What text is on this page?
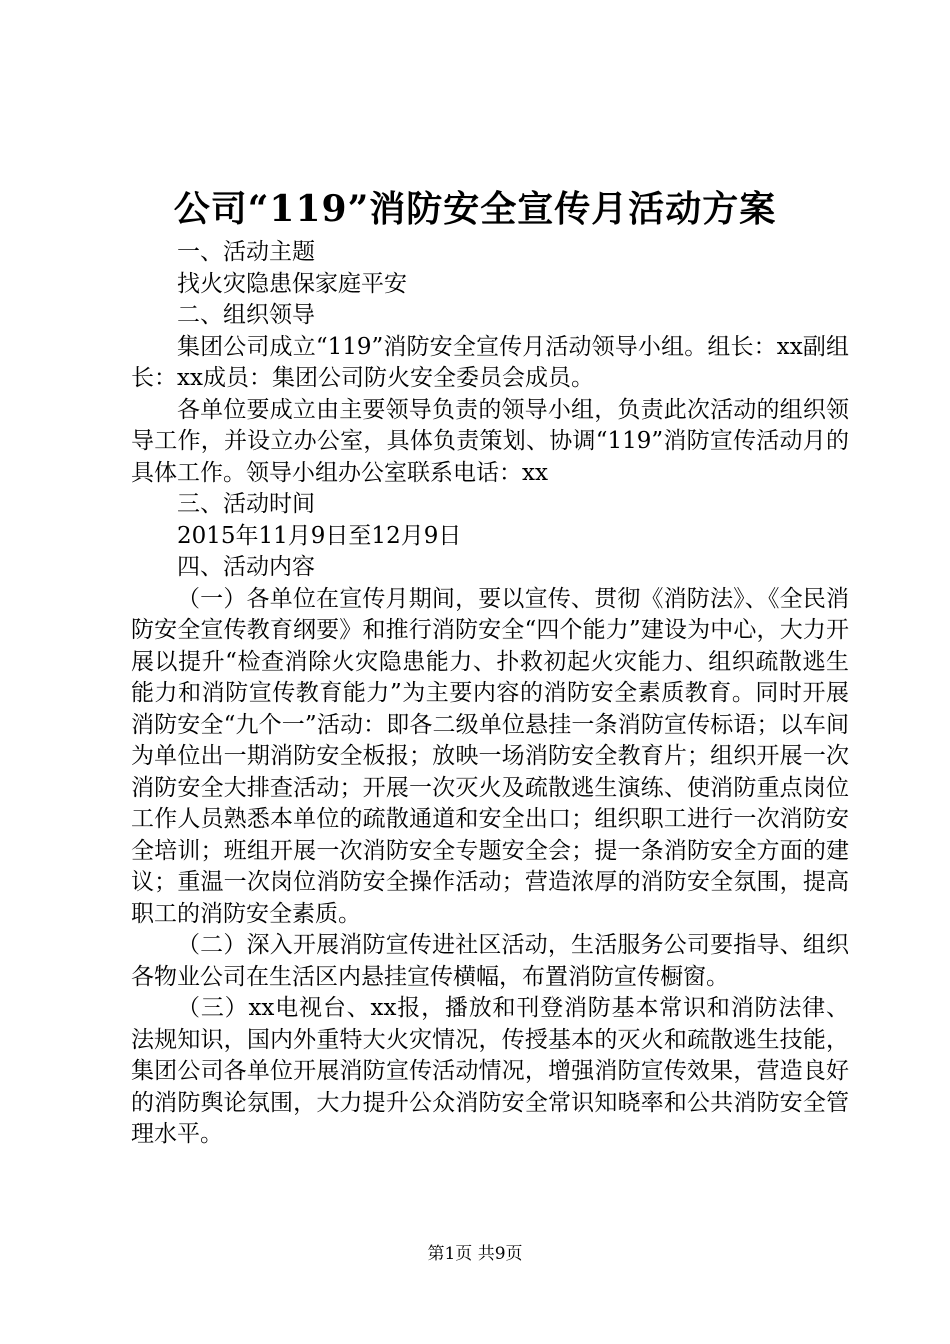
公司“119”消防安全宣传月活动方案

一、活动主题

找火灾隐患保家庭平安

二、组织领导

集团公司成立“119”消防安全宣传月活动领导小组。组长：xx副组长：xx成员：集团公司防火安全委员会成员。

各单位要成立由主要领导负责的领导小组，负责此次活动的组织领导工作，并设立办公室，具体负责策划、协调“119”消防宣传活动月的具体工作。领导小组办公室联系电话：xx

三、活动时间

2015年11月9日至12月9日

四、活动内容

（一）各单位在宣传月期间，要以宣传、贯彻《消防法》、《全民消防安全宣传教育纲要》和推行消防安全“四个能力”建设为中心，大力开展以提升“检查消除火灾隐患能力、扑救初起火灾能力、组织疏散逃生能力和消防宣传教育能力”为主要内容的消防安全素质教育。同时开展消防安全“九个一”活动：即各二级单位悬挂一条消防宣传标语；以车间为单位出一期消防安全板报；放映一场消防安全教育片；组织开展一次消防安全大排查活动；开展一次灭火及疏散逃生演练、使消防重点岗位工作人员熟悉本单位的疏散通道和安全出口；组织职工进行一次消防安全培训；班组开展一次消防安全专题安全会；提一条消防安全方面的建议；重温一次岗位消防安全操作活动；营造浓厚的消防安全氛围，提高职工的消防安全素质。

（二）深入开展消防宣传进社区活动，生活服务公司要指导、组织各物业公司在生活区内悬挂宣传横幅，布置消防宣传橱窗。

（三）xx电视台、xx报，播放和刊登消防基本常识和消防法律、法规知识，国内外重特大火灾情况，传授基本的灭火和疏散逃生技能，集团公司各单位开展消防宣传活动情况，增强消防宣传效果，营造良好的消防舆论氛围，大力提升公众消防安全常识知晓率和公共消防安全管理水平。

第1页 共9页
